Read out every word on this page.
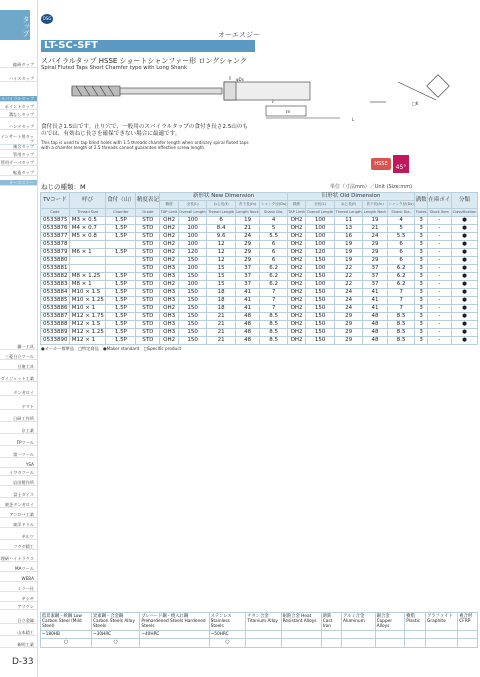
タップ
総研タップ
ハイスタップ
スパイラルタップ
ポイントタップ
溝なしタップ
ハンドタップ
インサート用タップ
複合タップ
管用タップ
管用テーパタップ
転造タップ
オーエスジー
彌一工具
三菱日立ツール
日進工具
ダイジェット工業
タンガロイ
ヤマト
日研工作所
京工業
FPツール
第一ツール
YSA
イワタツール
岩田製作所
富士ダイス
東芝タンガロイ
アコロバ工業
東洋ドリル
ギルツ
フクダ精工
理研ハイトラクス
MAツール
WEBA
ミラー社
ギシギ
アリクレ
日立金属
山本精工
新明工業
D-33
OSG
オーエスジー
LT-SC-SFT
スパイラルタップ HSSE ショートシャンファー形 ロングシャンク
Spiral Fluted Taps Short Chamfer type with Long Shank
φDs
ℓ
ℓn
L
□K
食付長さ1.5山です。止り穴で、一般用のスパイラルタップの食付き長さ2.5山のものでは、有効ねじ長さを確保できない場合に最適です。
This tap is used to tap blind holes with 1.5 threads chamfer length when ordinary spiral fluted taps with a chamfer length of 2.5 threads cannot guarantee effective screw length.
HSSE	45°
ねじの種類：M	単位（寸法mm）／Unit (Size:mm)
TVコード	呼び	食付（山）	精度表記	新形状 New Dimension					旧形状 Old Dimension					溝数	在庫ポイ	分類
				精度	全長(L)	ねじ長(ℓ)	首下長(ℓn)	シャンク径(Ds)	精度	全長(L)	ねじ長(ℓ)	首下長(ℓn)	シャンク径(Ds)			
Code	Thread Size	Chamfer	Grade	TAP Limit	Overall Length	Thread Length	Length Neck	Shank Dia.	TAP Limit	Overall Length	Thread Length	Length Neck	Shank Dia.	Flutes	Stock Item	Classification
0533875	M3 × 0.5	1.5P	STD	OH2	100	6	19	4	OH2	100	11	19	4	3	-	●
0533876	M4 × 0.7	1.5P	STD	OH2	100	8.4	21	5	OH2	100	13	21	5	3	-	●
0533877	M5 × 0.8	1.5P	STD	OH2	100	9.6	24	5.5	OH2	100	16	24	5.5	3	-	●
0533878			STD	OH2	100	12	29	6	OH2	100	19	29	6	3	-	●
0533879	M6 × 1	1.5P	STD	OH2	120	12	29	6	OH2	120	19	29	6	3	-	●
0533880			STD	OH2	150	12	29	6	OH2	150	19	29	6	3	-	●
0533881			STD	OH3	100	15	37	6.2	OH2	100	22	37	6.2	3	-	●
0533882	M8 × 1.25	1.5P	STD	OH3	150	15	37	6.2	OH2	150	22	37	6.2	3	-	●
0533883	M8 × 1	1.5P	STD	OH2	100	15	37	6.2	OH2	100	22	37	6.2	3	-	●
0533884	M10 × 1.5	1.5P	STD	OH3	150	18	41	7	OH2	150	24	41	7	3	-	●
0533885	M10 × 1.25	1.5P	STD	OH3	150	18	41	7	OH2	150	24	41	7	3	-	●
0533886	M10 × 1	1.5P	STD	OH2	150	18	41	7	OH2	150	24	41	7	3	-	●
0533887	M12 × 1.75	1.5P	STD	OH3	150	21	48	8.5	OH2	150	29	48	8.5	3	-	●
0533888	M12 × 1.5	1.5P	STD	OH3	150	21	48	8.5	OH2	150	29	48	8.5	3	-	●
0533889	M12 × 1.25	1.5P	STD	OH3	150	21	48	8.5	OH2	150	29	48	8.5	3	-	●
0533890	M12 × 1	1.5P	STD	OH2	150	21	48	8.5	OH2	150	29	48	8.5	3	-	●
●メーカー標準品　□特定商品　●Maker standard　□Specific product
低炭素鋼・軟鋼 Low Carbon Steel (Mild Steel)	炭素鋼・合金鋼 Carbon Steels Alloy Steels	プレハード鋼・焼入れ鋼 Prehardened Steels Hardened Steels	ステンレス Stainless Steels	チタン合金 Titanium Alloy	耐熱合金 Heat Resistant Alloys	鋳鉄 Cast Iron	アルミ合金 Aluminum	銅合金 Copper Alloys	樹脂 Plastic	グラファイト Graphite	複合材 CFRP
~180HB	~30HRC	~40HRC	~50HRC								
○	○		○								
